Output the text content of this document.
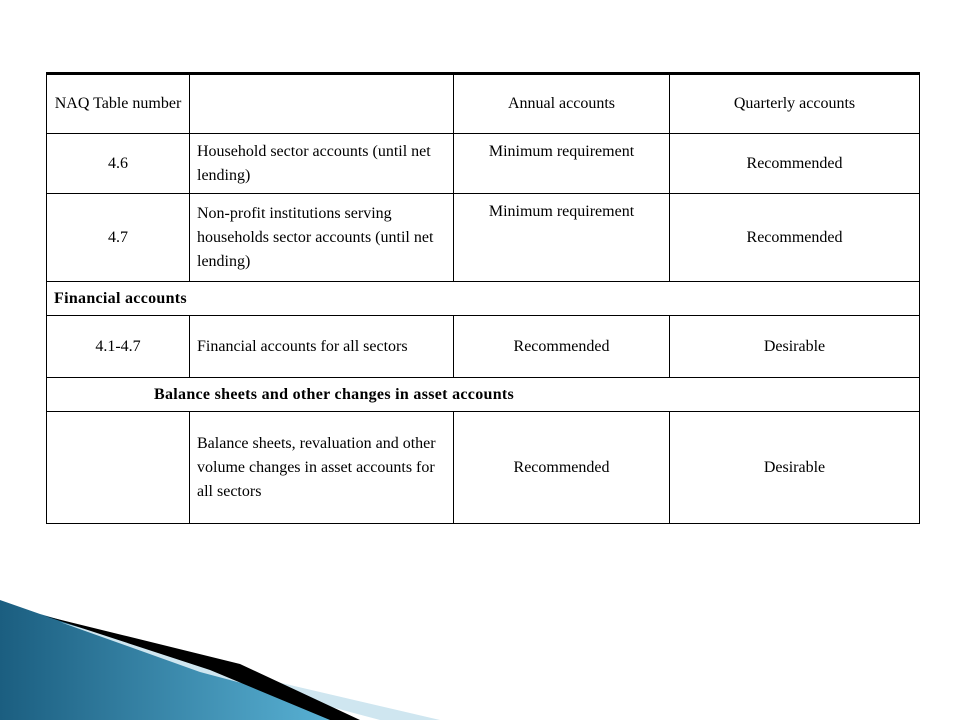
NAQ Table number		Annual accounts	Quarterly accounts
4.6	Household sector accounts (until net lending)	Minimum requirement	Recommended
4.7	Non-profit institutions serving households sector accounts (until net lending)	Minimum requirement	Recommended
Financial accounts			
4.1-4.7	Financial accounts for all sectors	Recommended	Desirable
Balance sheets and other changes in asset accounts			
	Balance sheets, revaluation and other volume changes in asset accounts for all sectors	Recommended	Desirable
